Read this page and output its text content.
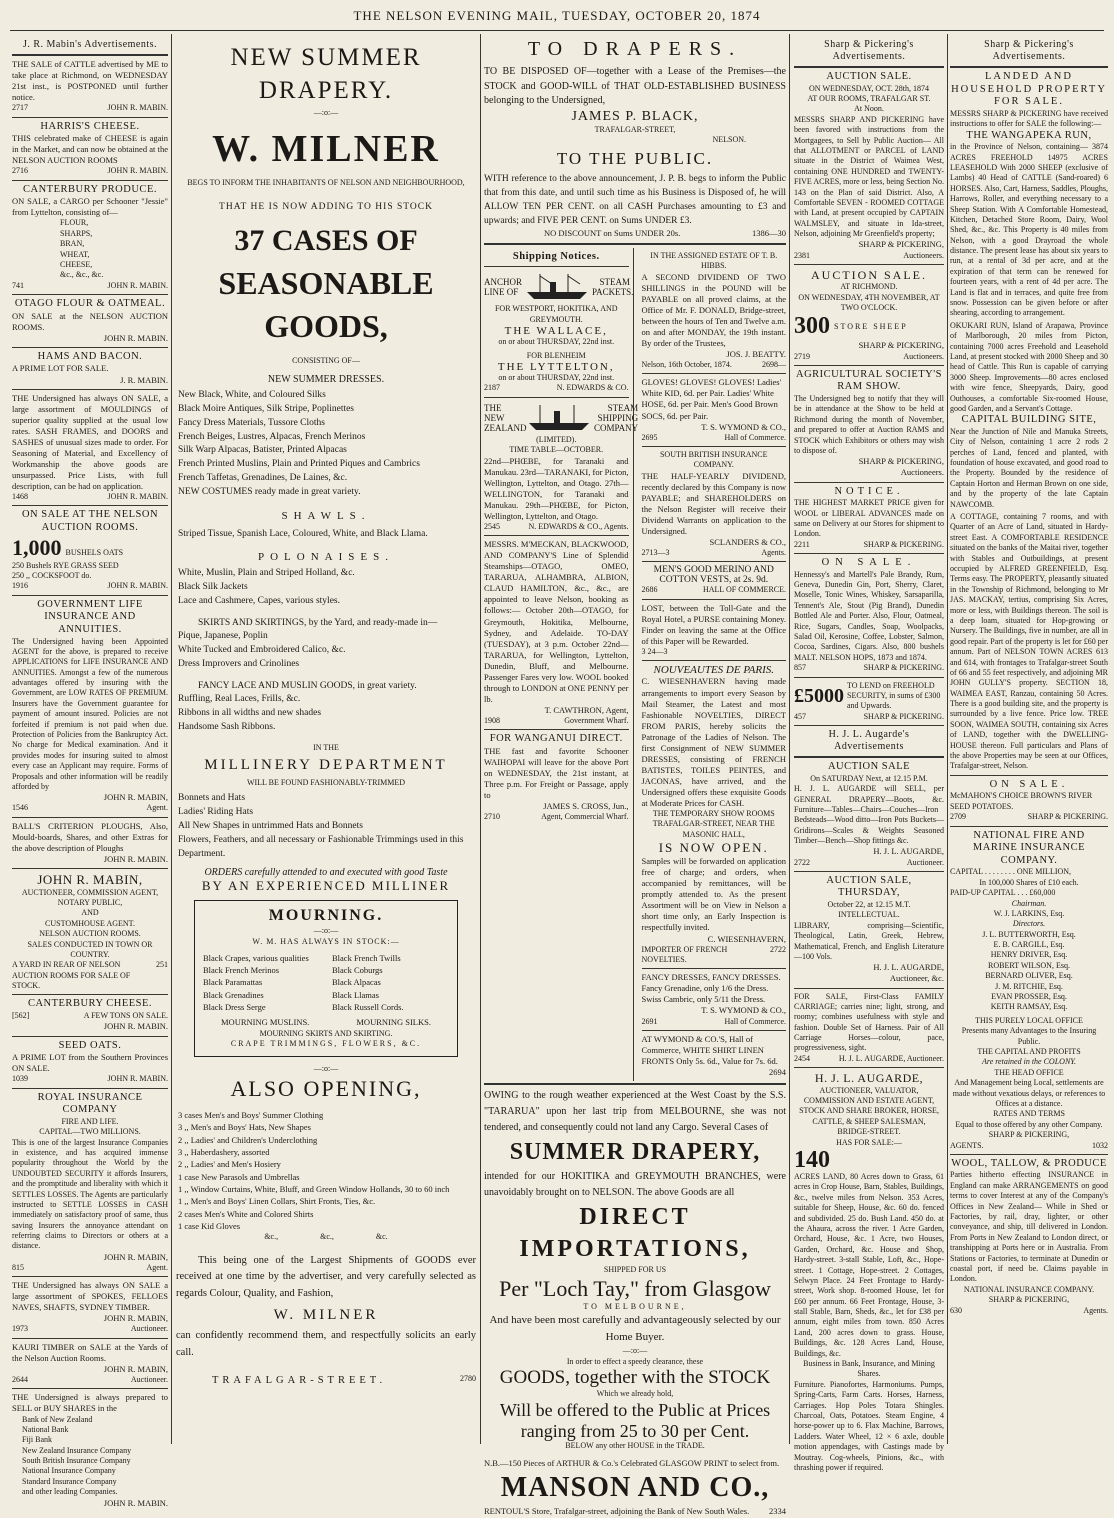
THE NELSON EVENING MAIL, TUESDAY, OCTOBER 20, 1874
J. R. Mabin's Advertisements.
THE SALE of CATTLE advertised by ME to take place at Richmond, on WEDNESDAY 21st inst., is POSTPONED until further notice.
2717	JOHN R. MABIN.
HARRIS'S CHEESE.
THIS celebrated make of CHEESE is again in the Market, and can now be obtained at the NELSON AUCTION ROOMS
2716	JOHN R. MABIN.
CANTERBURY PRODUCE.
ON SALE, a CARGO per Schooner "Jessie" from Lyttelton, consisting of—
FLOUR,
SHARPS,
BRAN,
WHEAT,
CHEESE,
&c., &c., &c.
741	JOHN R. MABIN.
OTAGO FLOUR & OATMEAL.
ON SALE at the NELSON AUCTION ROOMS.
JOHN R. MABIN.
HAMS AND BACON.
A PRIME LOT FOR SALE.
J. R. MABIN.
THE Undersigned has always ON SALE, a large assortment of MOULDINGS of superior quality supplied at the usual low rates. SASH FRAMES, and DOORS and SASHES of unusual sizes made to order. For Seasoning of Material, and Excellency of Workmanship the above goods are unsurpassed. Price Lists, with full description, can be had on application.
1468	JOHN R. MABIN.
ON SALE AT THE NELSON AUCTION ROOMS.
1,000 BUSHELS OATS
250 Bushels RYE GRASS SEED
250 ,, COCKSFOOT do.
1916	JOHN R. MABIN.
GOVERNMENT LIFE INSURANCE AND ANNUITIES.
The Undersigned having been Appointed AGENT for the above, is prepared to receive APPLICATIONS for LIFE INSURANCE AND ANNUITIES. Amongst a few of the numerous advantages offered by insuring with the Government, are LOW RATES OF PREMIUM. Insurers have the Government guarantee for payment of amount insured. Policies are not forfeited if premium is not paid when due. Protection of Policies from the Bankruptcy Act. No charge for Medical examination. And it provides modes for insuring suited to almost every case an Applicant may require. Forms of Proposals and other information will be readily afforded by
JOHN R. MABIN,
1546	Agent.
BALL'S CRITERION PLOUGHS, Also, Mould-boards, Shares, and other Extras for the above description of Ploughs
JOHN R. MABIN.
JOHN R. MABIN,
AUCTIONEER, COMMISSION AGENT,
NOTARY PUBLIC,
AND
CUSTOMHOUSE AGENT.
NELSON AUCTION ROOMS.
SALES CONDUCTED IN TOWN OR COUNTRY.
A YARD IN REAR OF NELSON AUCTION ROOMS FOR SALE OF STOCK.
251
CANTERBURY CHEESE.
[562]	A FEW TONS ON SALE.
JOHN R. MABIN.
SEED OATS.
A PRIME LOT from the Southern Provinces ON SALE.
1039	JOHN R. MABIN.
ROYAL INSURANCE COMPANY
FIRE AND LIFE.
CAPITAL—TWO MILLIONS.
This is one of the largest Insurance Companies in existence, and has acquired immense popularity throughout the World by the UNDOUBTED SECURITY it affords Insurers, and the promptitude and liberality with which it SETTLES LOSSES. The Agents are particularly instructed to SETTLE LOSSES in CASH immediately on satisfactory proof of same, thus saving Insurers the annoyance attendant on referring claims to Directors or others at a distance.
JOHN R. MABIN,
815	Agent.
THE Undersigned has always ON SALE a large assortment of SPOKES, FELLOES NAVES, SHAFTS, SYDNEY TIMBER.
JOHN R. MABIN,
1973	Auctioneer.
KAURI TIMBER on SALE at the Yards of the Nelson Auction Rooms.
JOHN R. MABIN,
2644	Auctioneer.
THE Undersigned is always prepared to SELL or BUY SHARES in the
Bank of New Zealand
National Bank
Fiji Bank
New Zealand Insurance Company
South British Insurance Company
National Insurance Company
Standard Insurance Company
and other leading Companies.
JOHN R. MABIN.
NEW SUMMER DRAPERY.
—:o:—
W. MILNER
BEGS TO INFORM THE INHABITANTS OF NELSON AND NEIGHBOURHOOD,
THAT HE IS NOW ADDING TO HIS STOCK
37 CASES OF
SEASONABLE GOODS,
CONSISTING OF—
NEW SUMMER DRESSES.
New Black, White, and Coloured Silks
Black Moire Antiques, Silk Stripe, Poplinettes
Fancy Dress Materials, Tussore Cloths
French Beiges, Lustres, Alpacas, French Merinos
Silk Warp Alpacas, Batister, Printed Alpacas
French Printed Muslins, Plain and Printed Piques and Cambrics
French Taffetas, Grenadines, De Laines, &c.
NEW COSTUMES ready made in great variety.
SHAWLS.
Striped Tissue, Spanish Lace, Coloured, White, and Black Llama.
POLONAISES.
White, Muslin, Plain and Striped Holland, &c.
Black Silk Jackets
Lace and Cashmere, Capes, various styles.
SKIRTS AND SKIRTINGS, by the Yard, and ready-made in—
Pique, Japanese, Poplin
White Tucked and Embroidered Calico, &c.
Dress Improvers and Crinolines
FANCY LACE AND MUSLIN GOODS, in great variety.
Ruffling, Real Laces, Frills, &c.
Ribbons in all widths and new shades
Handsome Sash Ribbons.
IN THE
MILLINERY DEPARTMENT
WILL BE FOUND FASHIONABLY-TRIMMED
Bonnets and Hats
Ladies' Riding Hats
All New Shapes in untrimmed Hats and Bonnets
Flowers, Feathers, and all necessary or Fashionable Trimmings used in this Department.
ORDERS carefully attended to and executed with good Taste
BY AN EXPERIENCED MILLINER
MOURNING.
—:o:—
W. M. HAS ALWAYS IN STOCK:—
Black Crapes, various qualities
Black French Merinos
Black Paramattas
Black Grenadines
Black Dress Serge
Black French Twills
Black Coburgs
Black Alpacas
Black Llamas
Black Russell Cords.
MOURNING MUSLINS.	MOURNING SILKS.
MOURNING SKIRTS AND SKIRTING.
CRAPE TRIMMINGS, FLOWERS, &C.
—:o:—
ALSO OPENING,
3 cases Men's and Boys' Summer Clothing
3 ,, Men's and Boys' Hats, New Shapes
2 ,, Ladies' and Children's Underclothing
3 ,, Haberdashery, assorted
2 ,, Ladies' and Men's Hosiery
1 case New Parasols and Umbrellas
1 ,, Window Curtains, White, Bluff, and Green Window Hollands, 30 to 60 inch
1 ,, Men's and Boys' Linen Collars, Shirt Fronts, Ties, &c.
2 cases Men's White and Colored Shirts
1 case Kid Gloves
&c., &c., &c.
This being one of the Largest Shipments of GOODS ever received at one time by the advertiser, and very carefully selected as regards Colour, Quality, and Fashion,
W. MILNER
can confidently recommend them, and respectfully solicits an early call.
TRAFALGAR-STREET.	2780
TO DRAPERS.
TO BE DISPOSED OF—together with a Lease of the Premises—the STOCK and GOOD-WILL of THAT OLD-ESTABLISHED BUSINESS belonging to the Undersigned,
JAMES P. BLACK,
TRAFALGAR-STREET,
NELSON.
TO THE PUBLIC.
WITH reference to the above announcement, J. P. B. begs to inform the Public that from this date, and until such time as his Business is Disposed of, he will ALLOW TEN PER CENT. on all CASH Purchases amounting to £3 and upwards; and FIVE PER CENT. on Sums UNDER £3.
NO DISCOUNT on Sums UNDER 20s.	1386—30
Shipping Notices.
ANCHOR LINE OF
STEAM PACKETS.
FOR WESTPORT, HOKITIKA, AND GREYMOUTH.
THE WALLACE,
on or about THURSDAY, 22nd inst.
FOR BLENHEIM
THE LYTTELTON,
on or about THURSDAY, 22nd inst.
2187	N. EDWARDS & CO.
THE NEW ZEALAND
STEAM SHIPPING COMPANY
(LIMITED).
TIME TABLE—OCTOBER.
22nd—PHŒBE, for Taranaki and Manukau. 23rd—TARANAKI, for Picton, Wellington, Lyttelton, and Otago. 27th—WELLINGTON, for Taranaki and Manukau. 29th—PHŒBE, for Picton, Wellington, Lyttelton, and Otago.
2545	N. EDWARDS & CO., Agents.
MESSRS. M'MECKAN, BLACKWOOD, AND COMPANY'S Line of Splendid Steamships—OTAGO, OMEO, TARARUA, ALHAMBRA, ALBION, CLAUD HAMILTON, &c., &c., are appointed to leave Nelson, booking as follows:— October 20th—OTAGO, for Greymouth, Hokitika, Melbourne, Sydney, and Adelaide. TO-DAY (TUESDAY), at 3 p.m. October 22nd—TARARUA, for Wellington, Lyttelton, Dunedin, Bluff, and Melbourne. Passenger Fares very low. WOOL booked through to LONDON at ONE PENNY per lb.
T. CAWTHRON, Agent,
1908	Government Wharf.
FOR WANGANUI DIRECT.
THE fast and favorite Schooner WAIHOPAI will leave for the above Port on WEDNESDAY, the 21st instant, at Three p.m. For Freight or Passage, apply to
JAMES S. CROSS, Jun.,
2710	Agent, Commercial Wharf.
IN THE ASSIGNED ESTATE OF T. B. HIBBS.
A SECOND DIVIDEND OF TWO SHILLINGS in the POUND will be PAYABLE on all proved claims, at the Office of Mr. F. DONALD, Bridge-street, between the hours of Ten and Twelve a.m. on and after MONDAY, the 19th instant. By order of the Trustees,
JOS. J. BEATTY.
Nelson, 16th October, 1874.	2698—
GLOVES! GLOVES! GLOVES! Ladies' White KID, 6d. per Pair. Ladies' White HOSE, 6d. per Pair. Men's Good Brown SOCS, 6d. per Pair.
T. S. WYMOND & CO.,
2695	Hall of Commerce.
SOUTH BRITISH INSURANCE COMPANY.
THE HALF-YEARLY DIVIDEND, recently declared by this Company is now PAYABLE; and SHAREHOLDERS on the Nelson Register will receive their Dividend Warrants on application to the Undersigned.
SCLANDERS & CO.,
2713—3	Agents.
MEN'S GOOD MERINO AND COTTON VESTS, at 2s. 9d.
2686	HALL OF COMMERCE.
LOST, between the Toll-Gate and the Royal Hotel, a PURSE containing Money. Finder on leaving the same at the Office of this Paper will be Rewarded.
3 24—3
NOUVEAUTES DE PARIS.
C. WIESENHAVERN having made arrangements to import every Season by Mail Steamer, the Latest and most Fashionable NOVELTIES, DIRECT FROM PARIS, hereby solicits the Patronage of the Ladies of Nelson. The first Consignment of NEW SUMMER DRESSES, consisting of FRENCH BATISTES, TOILES PEINTES, and JACONAS, have arrived, and the Undersigned offers these exquisite Goods at Moderate Prices for CASH.
THE TEMPORARY SHOW ROOMS TRAFALGAR-STREET, NEAR THE MASONIC HALL,
IS NOW OPEN.
Samples will be forwarded on application free of charge; and orders, when accompanied by remittances, will be promptly attended to. As the present Assortment will be on View in Nelson a short time only, an Early Inspection is respectfully invited.
C. WIESENHAVERN,
IMPORTER OF FRENCH NOVELTIES.
2722
FANCY DRESSES, FANCY DRESSES. Fancy Grenadine, only 1/6 the Dress. Swiss Cambric, only 5/11 the Dress.
T. S. WYMOND & CO.,
2691	Hall of Commerce.
AT WYMOND & CO.'S, Hall of Commerce, WHITE SHIRT LINEN FRONTS Only 5s. 6d., Value for 7s. 6d.
2694
OWING to the rough weather experienced at the West Coast by the S.S. "TARARUA" upon her last trip from MELBOURNE, she was not tendered, and consequently could not land any Cargo. Several Cases of
SUMMER DRAPERY,
intended for our HOKITIKA and GREYMOUTH BRANCHES, were unavoidably brought on to NELSON. The above Goods are all
DIRECT IMPORTATIONS,
SHIPPED FOR US
Per "Loch Tay," from Glasgow
TO MELBOURNE,
And have been most carefully and advantageously selected by our Home Buyer.
—:o:—
In order to effect a speedy clearance, these
GOODS, together with the STOCK
Which we already hold,
Will be offered to the Public at Prices ranging from 25 to 30 per Cent.
BELOW any other HOUSE in the TRADE.
N.B.—150 Pieces of ARTHUR & Co.'s Celebrated GLASGOW PRINT to select from.
MANSON AND CO.,
RENTOUL'S Store, Trafalgar-street, adjoining the Bank of New South Wales. 2334
Sharp & Pickering's Advertisements.
AUCTION SALE.
ON WEDNESDAY, OCT. 28th, 1874
AT OUR ROOMS, TRAFALGAR ST.
At Noon.
MESSRS SHARP AND PICKERING have been favored with instructions from the Mortgagees, to Sell by Public Auction— All that ALLOTMENT or PARCEL of LAND situate in the District of Waimea West, containing ONE HUNDRED and TWENTY-FIVE ACRES, more or less, being Section No. 143 on the Plan of said District. Also, A Comfortable SEVEN - ROOMED COTTAGE with Land, at present occupied by CAPTAIN WALMSLEY, and situate in Ida-street, Nelson, adjoining Mr Greenfield's property;
SHARP & PICKERING,
2381	Auctioneers.
AUCTION SALE.
AT RICHMOND.
ON WEDNESDAY, 4TH NOVEMBER, AT TWO O'CLOCK.
300 STORE SHEEP
SHARP & PICKERING,
2719	Auctioneers.
AGRICULTURAL SOCIETY'S RAM SHOW.
The Undersigned beg to notify that they will be in attendance at the Show to be held at Richmond during the month of November, and prepared to offer at Auction RAMS and STOCK which Exhibitors or others may wish to dispose of.
SHARP & PICKERING,
Auctioneers.
NOTICE.
THE HIGHEST MARKET PRICE given for WOOL or LIBERAL ADVANCES made on same on Delivery at our Stores for shipment to London.
2211	SHARP & PICKERING.
ON SALE.
Hennessy's and Martell's Pale Brandy, Rum, Geneva, Dunedin Gin, Port, Sherry, Claret, Moselle, Tonic Wines, Whiskey, Sarsaparilla, Tennent's Ale, Stout (Pig Brand), Dunedin Bottled Ale and Porter. Also, Flour, Oatmeal, Rice, Sugars, Candles, Soap, Woolpacks, Salad Oil, Kerosine, Coffee, Lobster, Salmon, Cocoa, Sardines, Cigars. Also, 800 bushels MALT. NELSON HOPS, 1873 and 1874.
857	SHARP & PICKERING.
£5000 TO LEND on FREEHOLD SECURITY, in sums of £300 and Upwards.
457	SHARP & PICKERING.
H. J. L. Augarde's Advertisements
AUCTION SALE
On SATURDAY Next, at 12.15 P.M.
H. J. L. AUGARDE will SELL, per GENERAL DRAPERY—Boots, &c. Furniture—Tables—Chairs—Couches—Iron Bedsteads—Wood ditto—Iron Pots Buckets—Gridirons—Scales & Weights Seasoned Timber—Bench—Shop fittings &c.
H. J. L. AUGARDE,
2722	Auctioneer.
AUCTION SALE, THURSDAY,
October 22, at 12.15 M.T.
INTELLECTUAL.
LIBRARY, comprising—Scientific, Theological, Latin, Greek, Hebrew, Mathematical, French, and English Literature—100 Vols.
H. J. L. AUGARDE,
Auctioneer, &c.
FOR SALE, First-Class FAMILY CARRIAGE; carries nine; light, strong, and roomy; combines usefulness with style and fashion. Double Set of Harness. Pair of All Carriage Horses—colour, pace, progressiveness, sight.
2454	H. J. L. AUGARDE, Auctioneer.
H. J. L. AUGARDE,
AUCTIONEER, VALUATOR, COMMISSION AND ESTATE AGENT, STOCK AND SHARE BROKER, HORSE, CATTLE, & SHEEP SALESMAN,
BRIDGE-STREET.
HAS FOR SALE:—
140
ACRES LAND, 80 Acres down to Grass, 61 acres in Crop House, Barn, Stables, Buildings, &c., twelve miles from Nelson. 353 Acres, suitable for Sheep, House, &c. 60 do. fenced and subdivided. 25 do. Bush Land. 450 do. at the Ahaura, across the river. 1 Acre Garden, Orchard, House, &c. 1 Acre, two Houses, Garden, Orchard, &c. House and Shop, Hardy-street. 3-stall Stable, Loft, &c., Hope-street. 1 Cottage, Hope-street. 2 Cottages, Selwyn Place. 24 Feet Frontage to Hardy-street, Work shop. 8-roomed House, let for £60 per annum. 66 Feet Frontage, House, 3-stall Stable, Barn, Sheds, &c., let for £38 per annum, eight miles from town. 850 Acres Land, 200 acres down to grass. House, Buildings, &c. 128 Acres Land, House, Buildings, &c.
Business in Bank, Insurance, and Mining Shares.
Furniture. Pianofortes, Harmoniums. Pumps, Spring-Carts, Farm Carts. Horses, Harness, Carriages. Hop Poles Totara Shingles. Charcoal, Oats, Potatoes. Steam Engine, 4 horse-power up to 6. Flax Machine, Barrows, Ladders. Water Wheel, 12 × 6 axle, double motion appendages, with Castings made by Moutray. Cog-wheels, Pinions, &c., with thrashing power if required.
Sharp & Pickering's Advertisements.
LANDED AND HOUSEHOLD PROPERTY FOR SALE.
MESSRS SHARP & PICKERING have received instructions to offer for SALE the following:—
THE WANGAPEKA RUN,
in the Province of Nelson, containing— 3874 ACRES FREEHOLD 14975 ACRES LEASEHOLD With 2000 SHEEP (exclusive of Lambs) 40 Head of CATTLE (Sand-roared) 6 HORSES. Also, Cart, Harness, Saddles, Ploughs, Harrows, Roller, and everything necessary to a Sheep Station. With A Comfortable Homestead, Kitchen, Detached Store Room, Dairy, Wool Shed, &c., &c. This Property is 40 miles from Nelson, with a good Drayroad the whole distance. The present lease has about six years to run, at a rental of 3d per acre, and at the expiration of that term can be renewed for fourteen years, with a rent of 4d per acre. The Land is flat and in terraces, and quite free from snow. Possession can be given before or after shearing, according to arrangement.
OKUKARI RUN, Island of Arapawa, Province of Marlborough, 20 miles from Picton, containing 7000 acres Freehold and Leasehold Land, at present stocked with 2000 Sheep and 30 head of Cattle. This Run is capable of carrying 3000 Sheep. Improvements—80 acres enclosed with wire fence, Sheepyards, Dairy, good Outhouses, a comfortable Six-roomed House, good Garden, and a Servant's Cottage.
CAPITAL BUILDING SITE,
Near the Junction of Nile and Manuka Streets, City of Nelson, containing 1 acre 2 rods 2 perches of Land, fenced and planted, with foundation of house excavated, and good road to the Property. Bounded by the residence of Captain Horton and Herman Brown on one side, and by the property of the late Captain NAWCOMB.
A COTTAGE, containing 7 rooms, and with Quarter of an Acre of Land, situated in Hardy-street East. A COMFORTABLE RESIDENCE situated on the banks of the Maitai river, together with Stables and Outbuildings, at present occupied by ALFRED GREENFIELD, Esq. Terms easy. The PROPERTY, pleasantly situated in the Township of Richmond, belonging to Mr JAS. MACKAY, tertius, comprising Six Acres, more or less, with Buildings thereon. The soil is a deep loam, situated for Hop-growing or Nursery. The Buildings, five in number, are all in good repair. Part of the property is let for £60 per annum. Part of NELSON TOWN ACRES 613 and 614, with frontages to Trafalgar-street South of 66 and 55 feet respectively, and adjoining MR JOHN GULLY'S property. SECTION 18, WAIMEA EAST, Ranzau, containing 50 Acres. There is a good building site, and the property is surrounded by a live fence. Price low. TREE SOON, WAIMEA SOUTH, containing six Acres of LAND, together with the DWELLING-HOUSE thereon. Full particulars and Plans of the above Properties may be seen at our Offices, Trafalgar-street, Nelson.
ON SALE.
McMAHON'S CHOICE BROWN'S RIVER SEED POTATOES.
2709	SHARP & PICKERING.
NATIONAL FIRE AND MARINE INSURANCE COMPANY.
CAPITAL . . . . . . . . ONE MILLION,
In 100,000 Shares of £10 each.
PAID-UP CAPITAL . . . £60,000
Chairman.
W. J. LARKINS, Esq.
Directors.
J. L. BUTTERWORTH, Esq.
E. B. CARGILL, Esq.
HENRY DRIVER, Esq.
ROBERT WILSON, Esq.
BERNARD OLIVER, Esq.
J. M. RITCHIE, Esq.
EVAN PROSSER, Esq.
KEITH RAMSAY, Esq.
THIS PURELY LOCAL OFFICE
Presents many Advantages to the Insuring Public.
THE CAPITAL AND PROFITS
Are retained in the COLONY.
THE HEAD OFFICE
And Management being Local, settlements are made without vexatious delays, or references to Offices at a distance.
RATES AND TERMS
Equal to those offered by any other Company.
SHARP & PICKERING,
AGENTS.	1032
WOOL, TALLOW, & PRODUCE
Parties hitherto effecting INSURANCE in England can make ARRANGEMENTS on good terms to cover Interest at any of the Company's Offices in New Zealand— While in Shed or Factories, by rail, dray, lighter, or other conveyance, and ship, till delivered in London. From Ports in New Zealand to London direct, or transhipping at Ports here or in Australia. From Stations or Factories, to terminate at Dunedin or coastal port, if need be. Claims payable in London.
NATIONAL INSURANCE COMPANY.
SHARP & PICKERING,
630	Agents.
